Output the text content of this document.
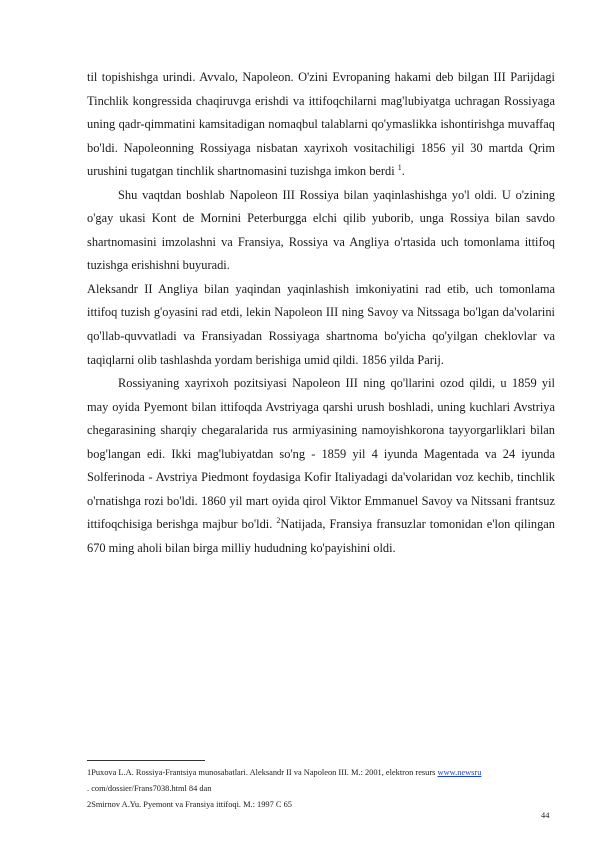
til topishishga urindi. Avvalo, Napoleon. O'zini Evropaning hakami deb bilgan III Parijdagi Tinchlik kongressida chaqiruvga erishdi va ittifoqchilarni mag'lubiyatga uchragan Rossiyaga uning qadr-qimmatini kamsitadigan nomaqbul talablarni qo'ymaslikka ishontirishga muvaffaq bo'ldi. Napoleonning Rossiyaga nisbatan xayrixoh vositachiligi 1856 yil 30 martda Qrim urushini tugatgan tinchlik shartnomasini tuzishga imkon berdi $^1$.

Shu vaqtdan boshlab Napoleon III Rossiya bilan yaqinlashishga yo'l oldi. U o'zining o'gay ukasi Kont de Mornini Peterburgga elchi qilib yuborib, unga Rossiya bilan savdo shartnomasini imzolashni va Fransiya, Rossiya va Angliya o'rtasida uch tomonlama ittifoq tuzishga erishishni buyuradi.

Aleksandr II Angliya bilan yaqindan yaqinlashish imkoniyatini rad etib, uch tomonlama ittifoq tuzish g'oyasini rad etdi, lekin Napoleon III ning Savoy va Nitssaga bo'lgan da'volarini qo'llab-quvvatladi va Fransiyadan Rossiyaga shartnoma bo'yicha qo'yilgan cheklovlar va taqiqlarni olib tashlashda yordam berishiga umid qildi. 1856 yilda Parij.

Rossiyaning xayrixoh pozitsiyasi Napoleon III ning qo'llarini ozod qildi, u 1859 yil may oyida Pyemont bilan ittifoqda Avstriyaga qarshi urush boshladi, uning kuchlari Avstriya chegarasining sharqiy chegaralarida rus armiyasining namoyishkorona tayyorgarliklari bilan bog'langan edi. Ikki mag'lubiyatdan so'ng - 1859 yil 4 iyunda Magentada va 24 iyunda Solferinoda - Avstriya Piedmont foydasiga Kofir Italiyadagi da'volaridan voz kechib, tinchlik o'rnatishga rozi bo'ldi. 1860 yil mart oyida qirol Viktor Emmanuel Savoy va Nitssani frantsuz ittifoqchisiga berishga majbur bo'ldi. $^2$Natijada, Fransiya fransuzlar tomonidan e'lon qilingan 670 ming aholi bilan birga milliy hududning ko'payishini oldi.

1Puxova L.A. Rossiya-Frantsiya munosabatlari. Aleksandr II va Napoleon III. M.: 2001, elektron resurs www.newsru

. com/dossier/Frans7038.html 84 dan

2Smirnov A.Yu. Pyemont va Fransiya ittifoqi. M.: 1997 C 65

44
